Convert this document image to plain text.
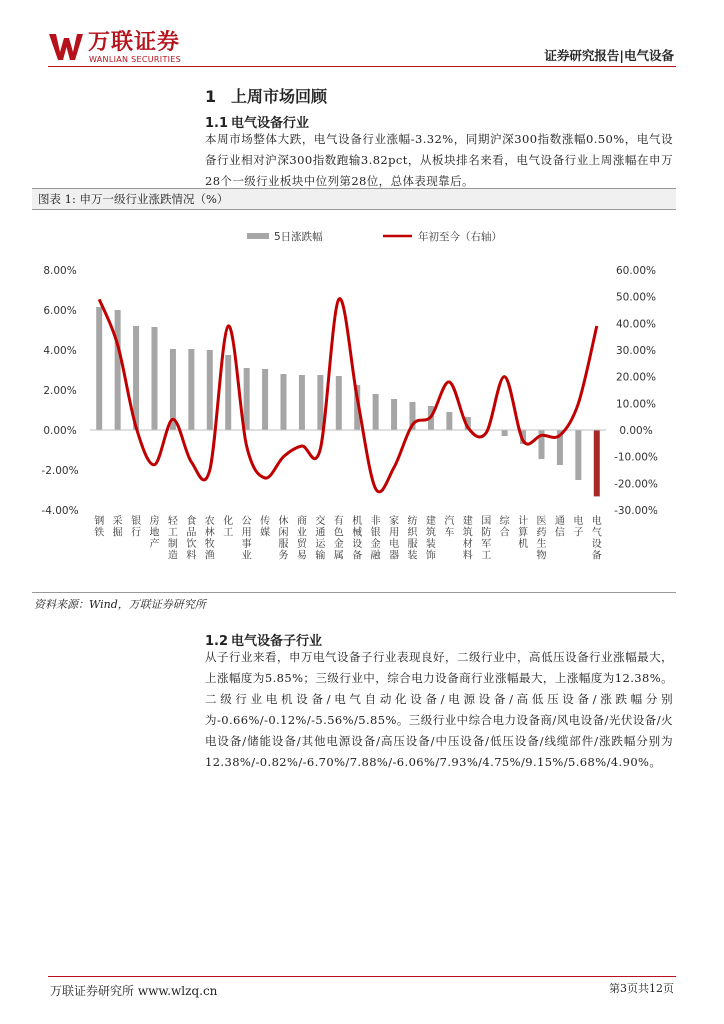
万联证券
WANLIAN SECURITIES	证券研究报告|电气设备
1 上周市场回顾
1.1 电气设备行业
本周市场整体大跌，电气设备行业涨幅-3.32%，同期沪深300指数涨幅0.50%，电气设备行业相对沪深300指数跑输3.82pct，从板块排名来看，电气设备行业上周涨幅在申万28个一级行业板块中位列第28位，总体表现靠后。
图表 1: 申万一级行业涨跌情况（%）
5日涨跌幅	年初至今（右轴）
8.00%
6.00%
4.00%
2.00%
0.00%
-2.00%
-4.00%
60.00%
50.00%
40.00%
30.00%
20.00%
10.00%
0.00%
-10.00%
-20.00%
-30.00%
钢铁
采掘
银行
房地产
轻工制造
食品饮料
农林牧渔
化工
公用事业
传媒
休闲服务
商业贸易
交通运输
有色金属
机械设备
非银金融
家用电器
纺织服装
建筑装饰
汽车
建筑材料
国防军工
综合
计算机
医药生物
通信
电子
电气设备
资料来源：Wind，万联证券研究所
1.2 电气设备子行业
从子行业来看，申万电气设备子行业表现良好，二级行业中，高低压设备行业涨幅最大，上涨幅度为5.85%；三级行业中，综合电力设备商行业涨幅最大，上涨幅度为12.38%。二级行业电机设备/电气自动化设备/电源设备/高低压设备/涨跌幅分别为-0.66%/-0.12%/-5.56%/5.85%。三级行业中综合电力设备商/风电设备/光伏设备/火电设备/储能设备/其他电源设备/高压设备/中压设备/低压设备/线缆部件/涨跌幅分别为12.38%/-0.82%/-6.70%/7.88%/-6.06%/7.93%/4.75%/9.15%/5.68%/4.90%。
万联证券研究所 www.wlzq.cn	第3页共12页
